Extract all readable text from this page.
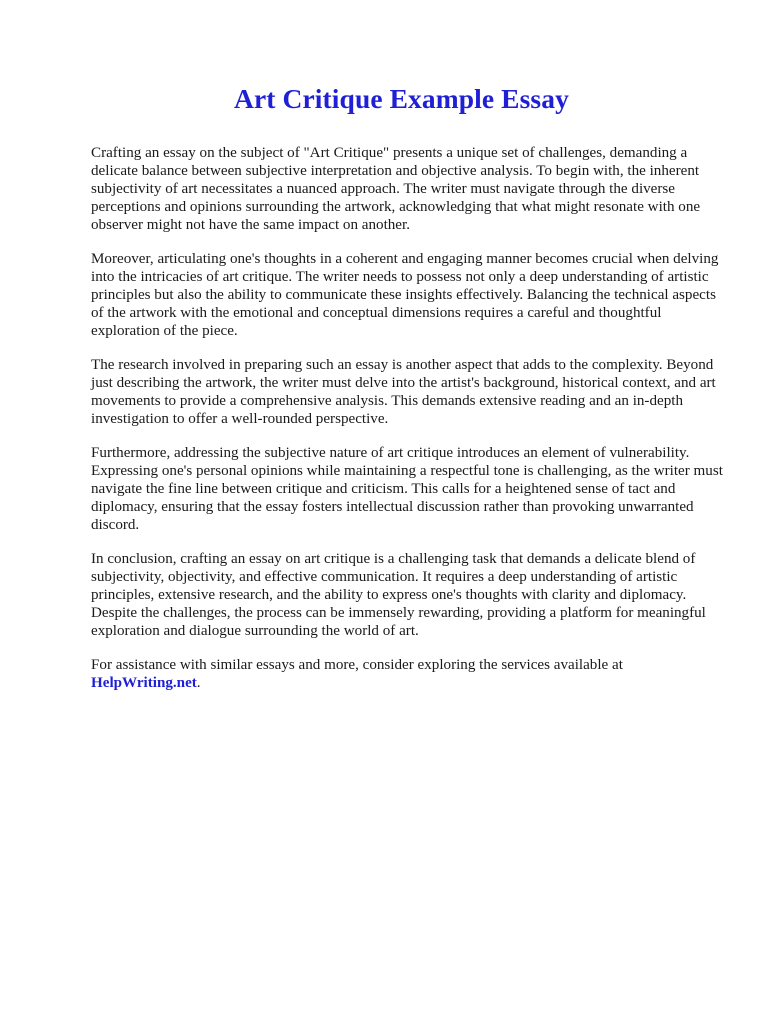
Art Critique Example Essay

Crafting an essay on the subject of "Art Critique" presents a unique set of challenges, demanding a delicate balance between subjective interpretation and objective analysis. To begin with, the inherent subjectivity of art necessitates a nuanced approach. The writer must navigate through the diverse perceptions and opinions surrounding the artwork, acknowledging that what might resonate with one observer might not have the same impact on another.

Moreover, articulating one's thoughts in a coherent and engaging manner becomes crucial when delving into the intricacies of art critique. The writer needs to possess not only a deep understanding of artistic principles but also the ability to communicate these insights effectively. Balancing the technical aspects of the artwork with the emotional and conceptual dimensions requires a careful and thoughtful exploration of the piece.

The research involved in preparing such an essay is another aspect that adds to the complexity. Beyond just describing the artwork, the writer must delve into the artist's background, historical context, and art movements to provide a comprehensive analysis. This demands extensive reading and an in-depth investigation to offer a well-rounded perspective.

Furthermore, addressing the subjective nature of art critique introduces an element of vulnerability. Expressing one's personal opinions while maintaining a respectful tone is challenging, as the writer must navigate the fine line between critique and criticism. This calls for a heightened sense of tact and diplomacy, ensuring that the essay fosters intellectual discussion rather than provoking unwarranted discord.

In conclusion, crafting an essay on art critique is a challenging task that demands a delicate blend of subjectivity, objectivity, and effective communication. It requires a deep understanding of artistic principles, extensive research, and the ability to express one's thoughts with clarity and diplomacy. Despite the challenges, the process can be immensely rewarding, providing a platform for meaningful exploration and dialogue surrounding the world of art.

For assistance with similar essays and more, consider exploring the services available at
HelpWriting.net.
